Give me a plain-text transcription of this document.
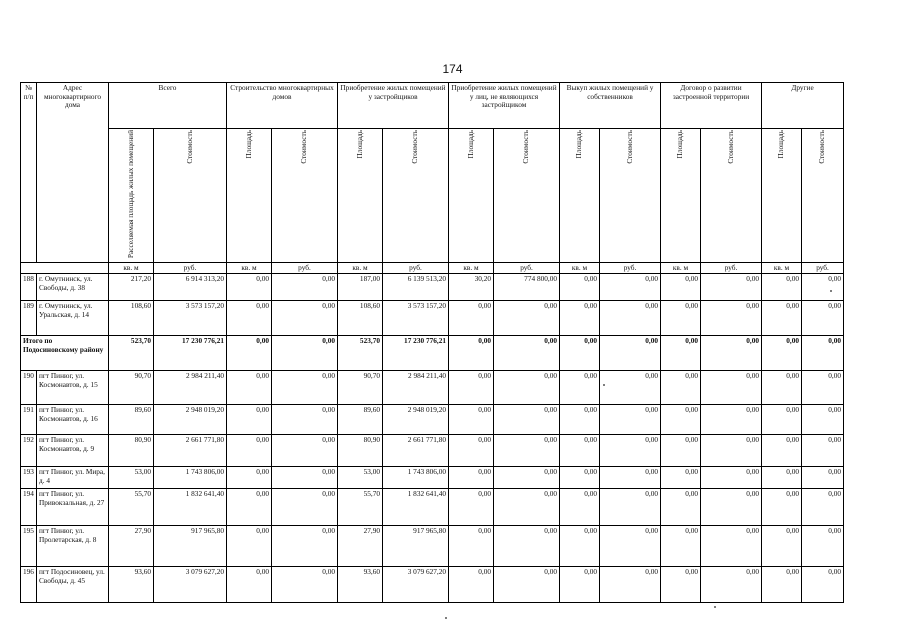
174
№ п/п	Адрес многоквартирного дома	Всего		Строительство многоквартирных домов		Приобретение жилых помещений у застройщиков		Приобретение жилых помещений у лиц, не являющихся застройщиком		Выкуп жилых помещений у собственников		Договор о развитии застроенной территории		Другие	
		Расселяемая площадь жилых помещений	Стоимость	Площадь	Стоимость	Площадь	Стоимость	Площадь	Стоимость	Площадь	Стоимость	Площадь	Стоимость	Площадь	Стоимость
		кв. м	руб.	кв. м	руб.	кв. м	руб.	кв. м	руб.	кв. м	руб.	кв. м	руб.	кв. м	руб.
188	г. Омутнинск, ул. Свободы, д. 38	217,20	6 914 313,20	0,00	0,00	187,00	6 139 513,20	30,20	774 800,00	0,00	0,00	0,00	0,00	0,00	0,00
189	г. Омутнинск, ул. Уральская, д. 14	108,60	3 573 157,20	0,00	0,00	108,60	3 573 157,20	0,00	0,00	0,00	0,00	0,00	0,00	0,00	0,00
Итого по Подосиновскому району		523,70	17 230 776,21	0,00	0,00	523,70	17 230 776,21	0,00	0,00	0,00	0,00	0,00	0,00	0,00	0,00
190	пгт Пинюг, ул. Космонавтов, д. 15	90,70	2 984 211,40	0,00	0,00	90,70	2 984 211,40	0,00	0,00	0,00	0,00	0,00	0,00	0,00	0,00
191	пгт Пинюг, ул. Космонавтов, д. 16	89,60	2 948 019,20	0,00	0,00	89,60	2 948 019,20	0,00	0,00	0,00	0,00	0,00	0,00	0,00	0,00
192	пгт Пинюг, ул. Космонавтов, д. 9	80,90	2 661 771,80	0,00	0,00	80,90	2 661 771,80	0,00	0,00	0,00	0,00	0,00	0,00	0,00	0,00
193	пгт Пинюг, ул. Мира, д. 4	53,00	1 743 806,00	0,00	0,00	53,00	1 743 806,00	0,00	0,00	0,00	0,00	0,00	0,00	0,00	0,00
194	пгт Пинюг, ул. Привокзальная, д. 27	55,70	1 832 641,40	0,00	0,00	55,70	1 832 641,40	0,00	0,00	0,00	0,00	0,00	0,00	0,00	0,00
195	пгт Пинюг, ул. Пролетарская, д. 8	27,90	917 965,80	0,00	0,00	27,90	917 965,80	0,00	0,00	0,00	0,00	0,00	0,00	0,00	0,00
196	пгт Подосиновец, ул. Свободы, д. 45	93,60	3 079 627,20	0,00	0,00	93,60	3 079 627,20	0,00	0,00	0,00	0,00	0,00	0,00	0,00	0,00
